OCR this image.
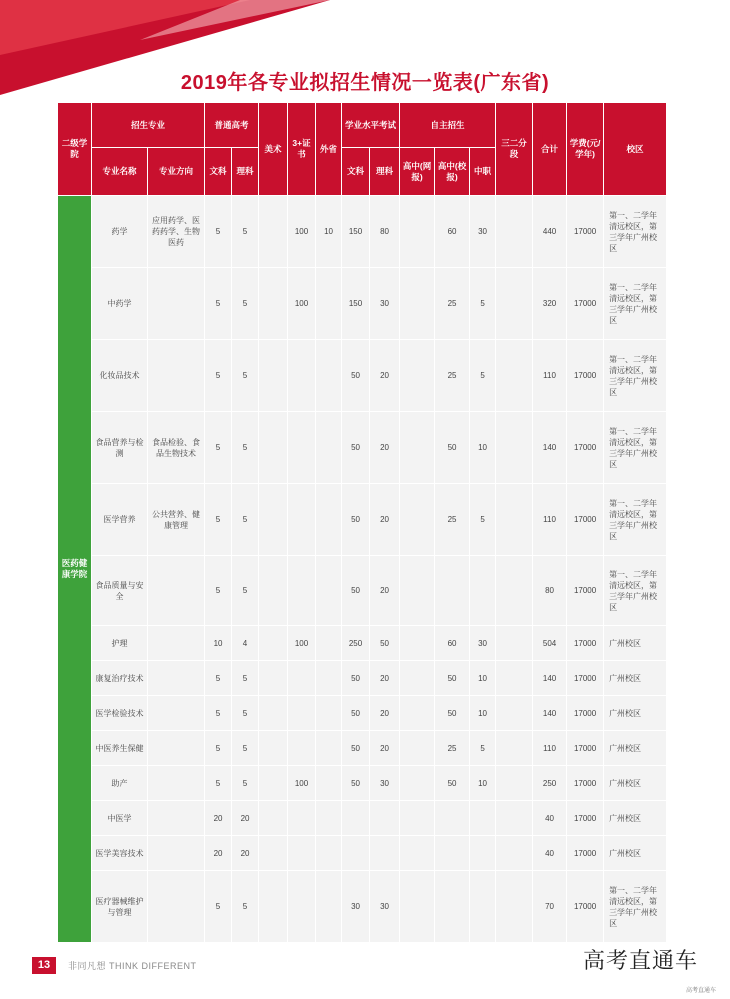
2019年各专业拟招生情况一览表(广东省)
二级学院	招生专业		普通高考		美术	3+证书	外省	学业水平考试		自主招生			三二分段	合计	学费(元/学年)	校区
	专业名称	专业方向	文科	理科				文科	理科	高中(网报)	高中(校报)	中职				
医药健康学院	药学	应用药学、医药药学、生物医药	5	5		100	10	150	80		60	30		440	17000	第一、二学年清远校区，第三学年广州校区
	中药学		5	5		100		150	30		25	5		320	17000	第一、二学年清远校区，第三学年广州校区
	化妆品技术		5	5				50	20		25	5		110	17000	第一、二学年清远校区，第三学年广州校区
	食品营养与检测	食品检验、食品生物技术	5	5				50	20		50	10		140	17000	第一、二学年清远校区，第三学年广州校区
	医学营养	公共营养、健康管理	5	5				50	20		25	5		110	17000	第一、二学年清远校区，第三学年广州校区
	食品质量与安全		5	5				50	20					80	17000	第一、二学年清远校区，第三学年广州校区
	护理		10	4		100		250	50		60	30		504	17000	广州校区
	康复治疗技术		5	5				50	20		50	10		140	17000	广州校区
	医学检验技术		5	5				50	20		50	10		140	17000	广州校区
	中医养生保健		5	5				50	20		25	5		110	17000	广州校区
	助产		5	5		100		50	30		50	10		250	17000	广州校区
	中医学		20	20										40	17000	广州校区
	医学美容技术		20	20										40	17000	广州校区
	医疗器械维护与管理		5	5				30	30					70	17000	第一、二学年清远校区，第三学年广州校区
13	非同凡想 THINK DIFFERENT	高考直通车
高考直通车
